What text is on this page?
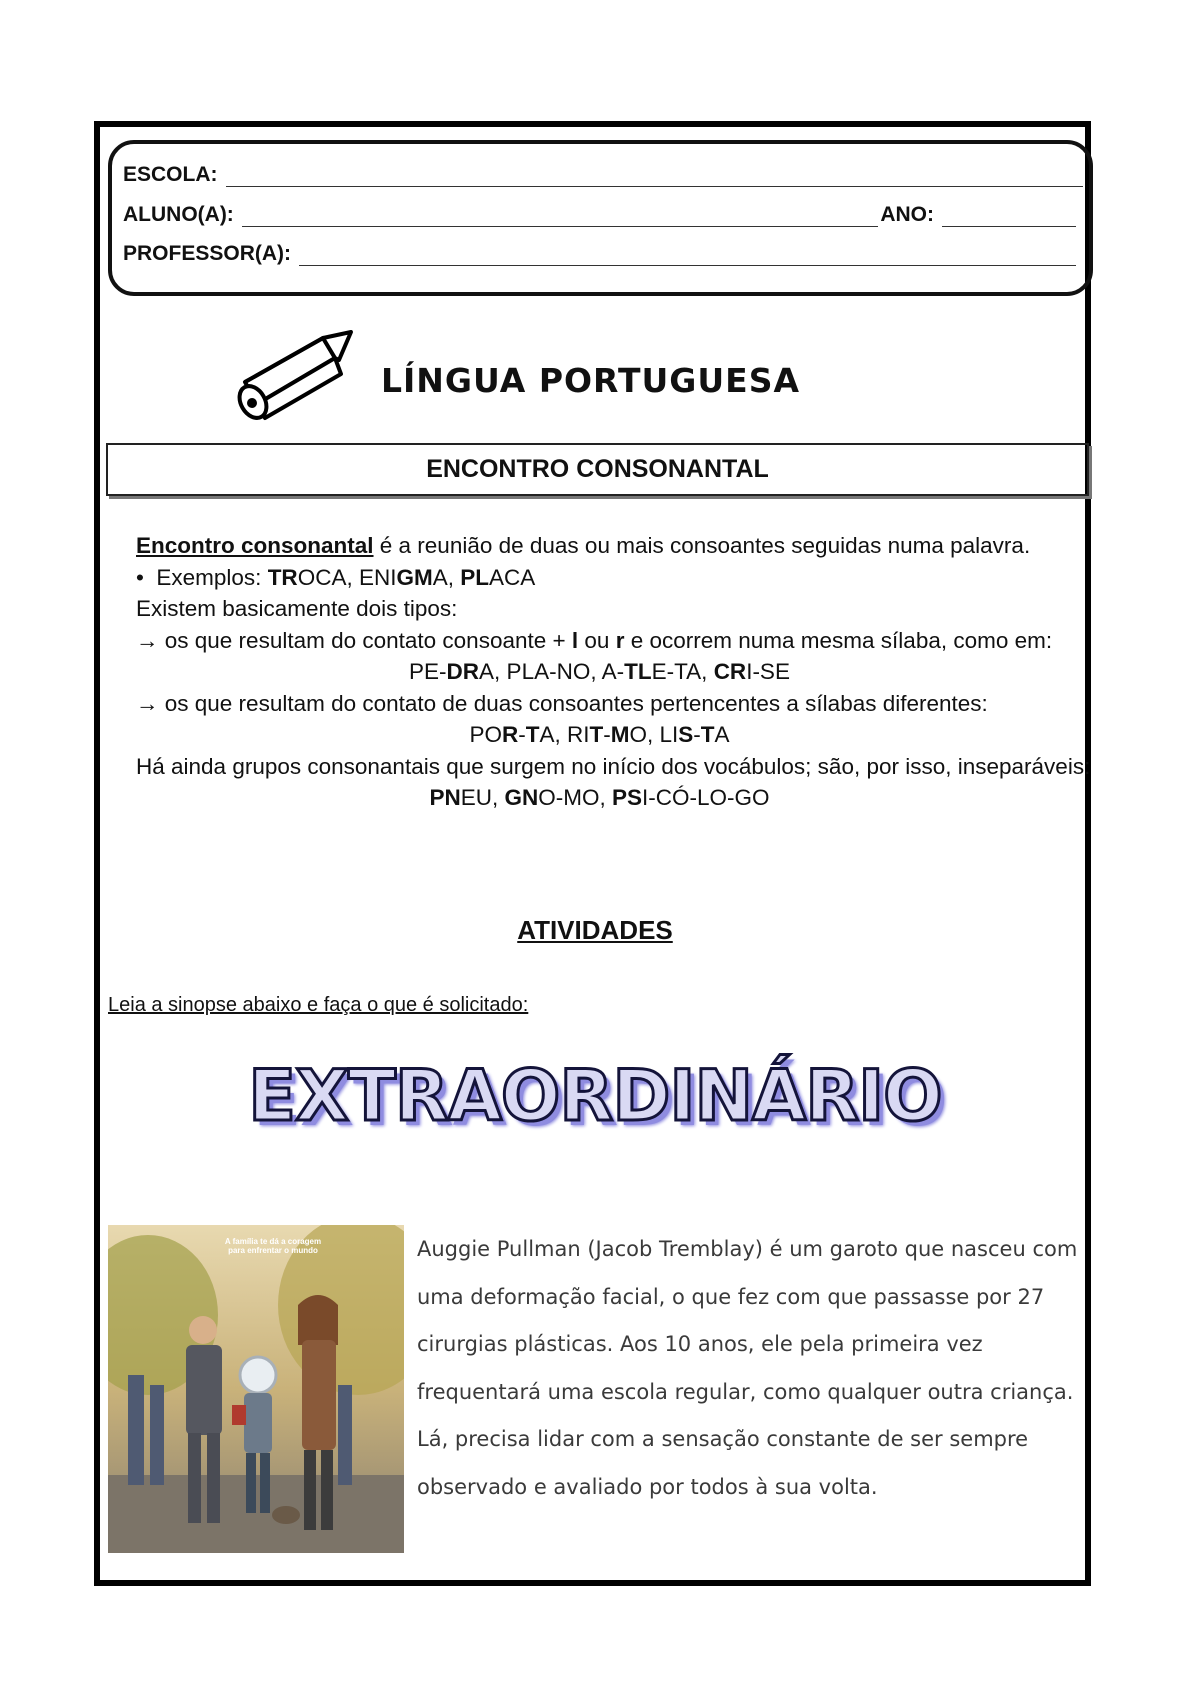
ESCOLA:
ALUNO(A):	ANO:
PROFESSOR(A):
LÍNGUA PORTUGUESA
ENCONTRO CONSONANTAL

Encontro consonantal é a reunião de duas ou mais consoantes seguidas numa palavra.

•  Exemplos: TROCA, ENIGMA, PLACA

Existem basicamente dois tipos:

→ os que resultam do contato consoante + l ou r e ocorrem numa mesma sílaba, como em:

PE-DRA, PLA-NO, A-TLE-TA, CRI-SE

→ os que resultam do contato de duas consoantes pertencentes a sílabas diferentes:

POR-TA, RIT-MO, LIS-TA

Há ainda grupos consonantais que surgem no início dos vocábulos; são, por isso, inseparáveis:

PNEU, GNO-MO, PSI-CÓ-LO-GO

ATIVIDADES
Leia a sinopse abaixo e faça o que é solicitado:
EXTRAORDINÁRIO
A família te dá a coragem
para enfrentar o mundo	Auggie Pullman (Jacob Tremblay) é um garoto que nasceu com
uma deformação facial, o que fez com que passasse por 27
cirurgias plásticas. Aos 10 anos, ele pela primeira vez
frequentará uma escola regular, como qualquer outra criança.
Lá, precisa lidar com a sensação constante de ser sempre
observado e avaliado por todos à sua volta.
